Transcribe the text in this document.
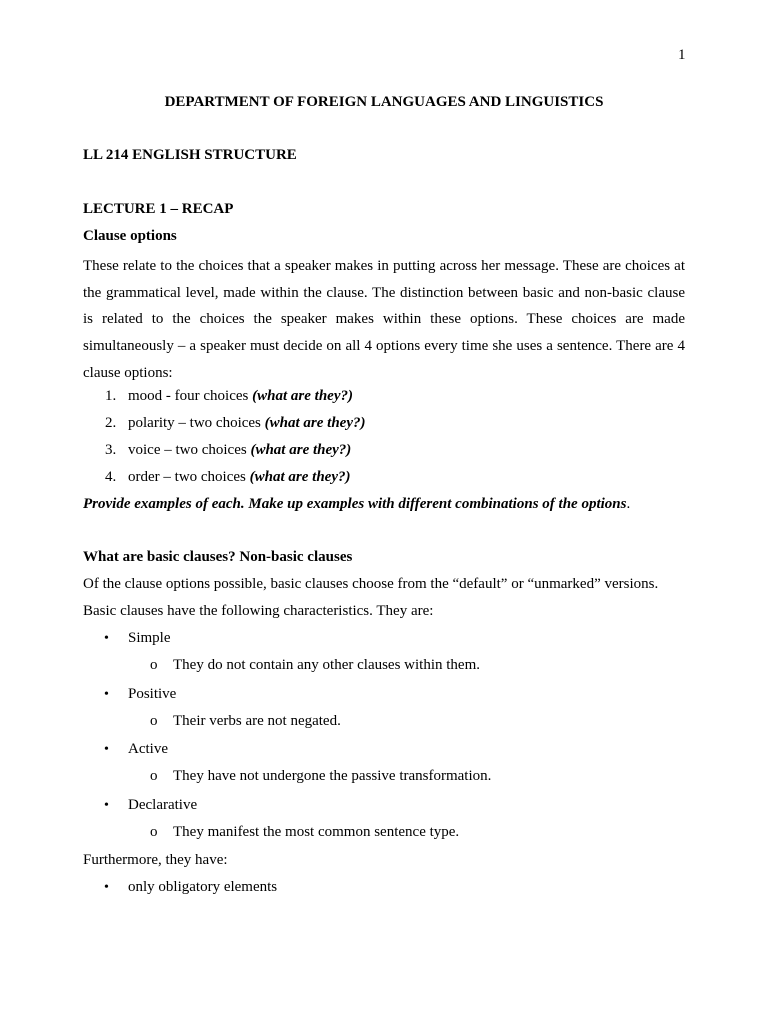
1
DEPARTMENT OF FOREIGN LANGUAGES AND LINGUISTICS
LL 214 ENGLISH STRUCTURE
LECTURE 1 – RECAP
Clause options
These relate to the choices that a speaker makes in putting across her message. These are choices at the grammatical level, made within the clause. The distinction between basic and non-basic clause is related to the choices the speaker makes within these options. These choices are made simultaneously – a speaker must decide on all 4 options every time she uses a sentence. There are 4 clause options:
1. mood - four choices (what are they?)
2. polarity – two choices (what are they?)
3. voice – two choices (what are they?)
4. order – two choices (what are they?)
Provide examples of each. Make up examples with different combinations of the options.
What are basic clauses? Non-basic clauses
Of the clause options possible, basic clauses choose from the “default” or “unmarked” versions.
Basic clauses have the following characteristics. They are:
• Simple
o They do not contain any other clauses within them.
• Positive
o Their verbs are not negated.
• Active
o They have not undergone the passive transformation.
• Declarative
o They manifest the most common sentence type.
Furthermore, they have:
• only obligatory elements
